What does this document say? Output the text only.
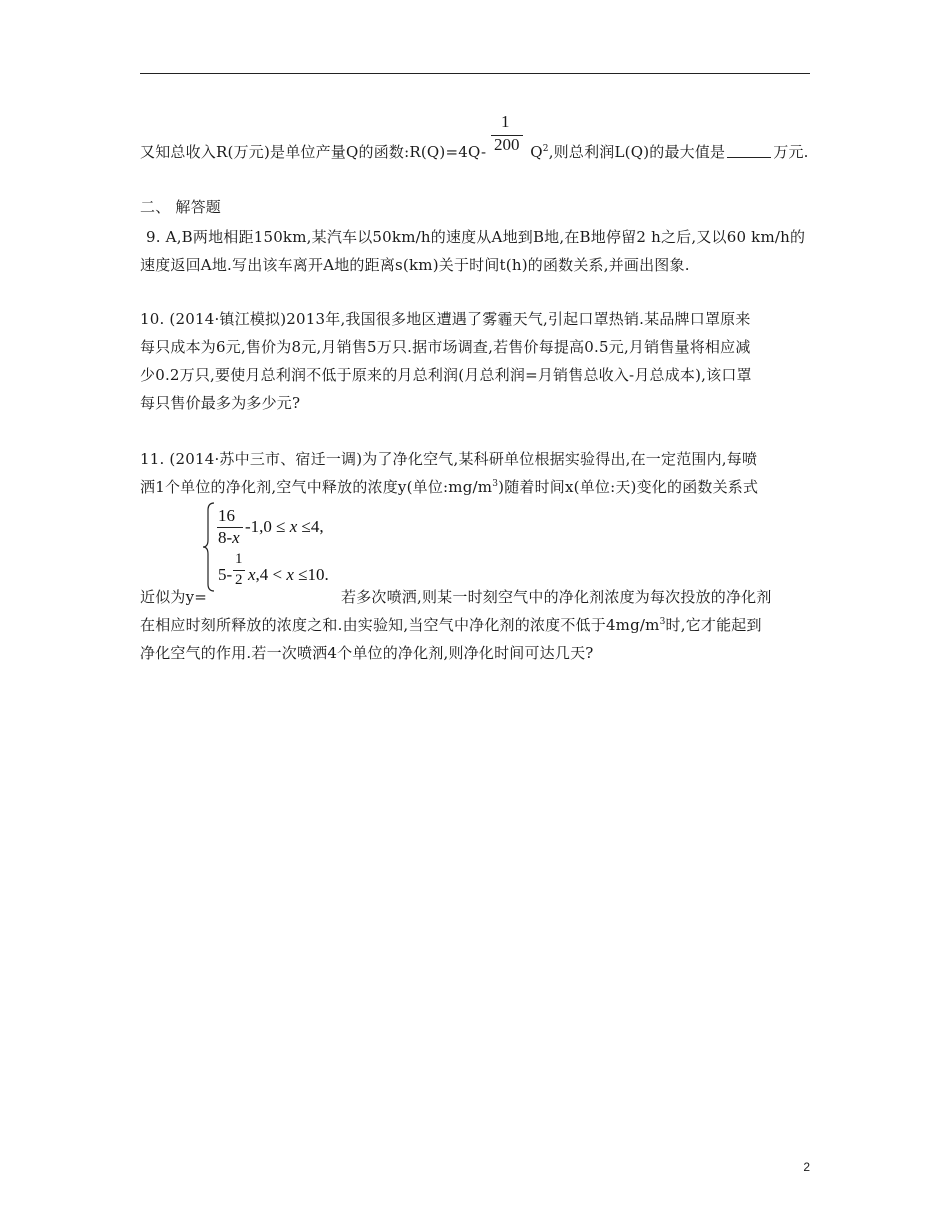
1
200
又知总收入R(万元)是单位产量Q的函数:R(Q)=4Q-	$Q^2$,则总利润L(Q)的最大值是	万元.
二、 解答题
9. A,B两地相距150km,某汽车以50km/h的速度从A地到B地,在B地停留2 h之后,又以60 km/h的
速度返回A地.写出该车离开A地的距离s(km)关于时间t(h)的函数关系,并画出图象.
10. (2014·镇江模拟)2013年,我国很多地区遭遇了雾霾天气,引起口罩热销.某品牌口罩原来
每只成本为6元,售价为8元,月销售5万只.据市场调查,若售价每提高0.5元,月销售量将相应减
少0.2万只,要使月总利润不低于原来的月总利润(月总利润=月销售总收入-月总成本),该口罩
每只售价最多为多少元?
11. (2014·苏中三市、宿迁一调)为了净化空气,某科研单位根据实验得出,在一定范围内,每喷
洒1个单位的净化剂,空气中释放的浓度y(单位$:mg/m^3$)随着时间x(单位:天)变化的函数关系式
16
8-x
-1,0 ≤ x ≤4,
5-
1
2 x,4 < x ≤10.
近似为y=	若多次喷洒,则某一时刻空气中的净化剂浓度为每次投放的净化剂
在相应时刻所释放的浓度之和.由实验知,当空气中净化剂的浓度不低于$4mg/m^3$时,它才能起到
净化空气的作用.若一次喷洒4个单位的净化剂,则净化时间可达几天?
2
